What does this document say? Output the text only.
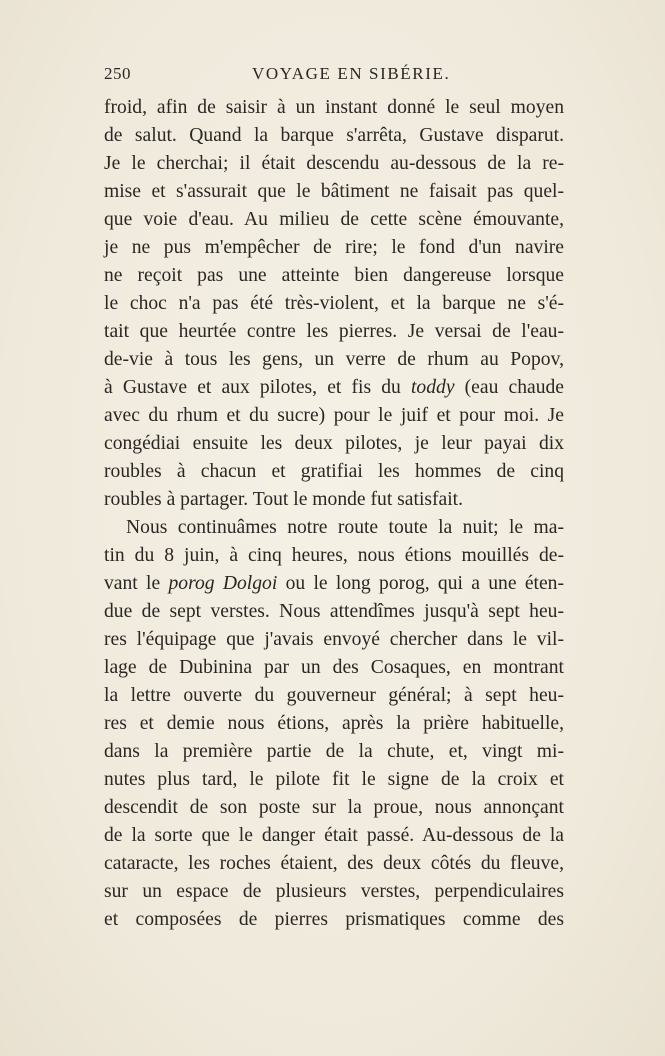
250	VOYAGE EN SIBÉRIE.
froid, afin de saisir à un instant donné le seul moyen
de salut. Quand la barque s'arrêta, Gustave disparut.
Je le cherchai; il était descendu au-dessous de la re-
mise et s'assurait que le bâtiment ne faisait pas quel-
que voie d'eau. Au milieu de cette scène émouvante,
je ne pus m'empêcher de rire; le fond d'un navire
ne reçoit pas une atteinte bien dangereuse lorsque
le choc n'a pas été très-violent, et la barque ne s'é-
tait que heurtée contre les pierres. Je versai de l'eau-
de-vie à tous les gens, un verre de rhum au Popov,
à Gustave et aux pilotes, et fis du toddy (eau chaude
avec du rhum et du sucre) pour le juif et pour moi. Je
congédiai ensuite les deux pilotes, je leur payai dix
roubles à chacun et gratifiai les hommes de cinq
roubles à partager. Tout le monde fut satisfait.
Nous continuâmes notre route toute la nuit; le ma-
tin du 8 juin, à cinq heures, nous étions mouillés de-
vant le porog Dolgoi ou le long porog, qui a une éten-
due de sept verstes. Nous attendîmes jusqu'à sept heu-
res l'équipage que j'avais envoyé chercher dans le vil-
lage de Dubinina par un des Cosaques, en montrant
la lettre ouverte du gouverneur général; à sept heu-
res et demie nous étions, après la prière habituelle,
dans la première partie de la chute, et, vingt mi-
nutes plus tard, le pilote fit le signe de la croix et
descendit de son poste sur la proue, nous annonçant
de la sorte que le danger était passé. Au-dessous de la
cataracte, les roches étaient, des deux côtés du fleuve,
sur un espace de plusieurs verstes, perpendiculaires
et composées de pierres prismatiques comme des
